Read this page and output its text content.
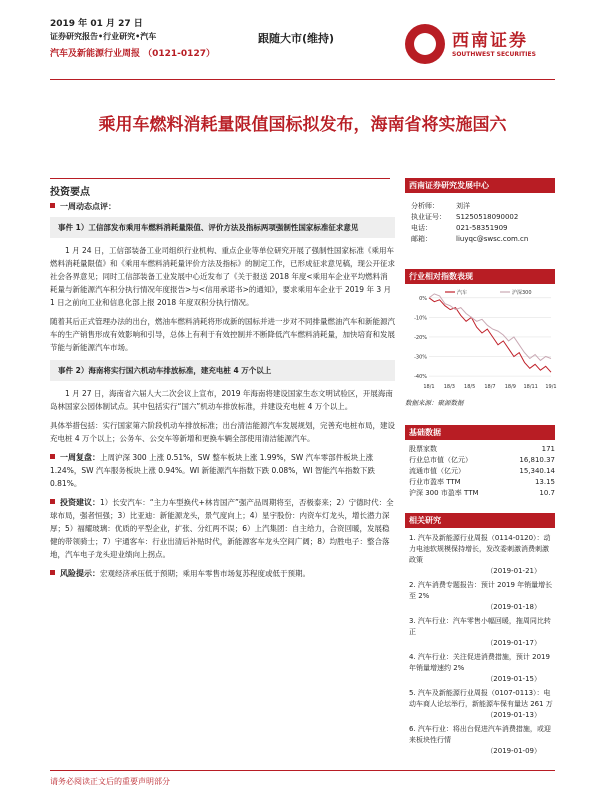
2019 年 01 月 27 日
证券研究报告•行业研究•汽车
汽车及新能源行业周报 （0121-0127）
跟随大市(维持)	西南证券
SOUTHWEST SECURITIES
乘用车燃料消耗量限值国标拟发布，海南省将实施国六
投资要点

一周动态点评：

事件 1）工信部发布乘用车燃料消耗量限值、评价方法及指标两项强制性国家标准征求意见

1 月 24 日，工信部装备工业司组织行业机构、重点企业等单位研究开展了强制性国家标准《乘用车燃料消耗量限值》和《乘用车燃料消耗量评价方法及指标》的制定工作，已形成征求意见稿，现公开征求社会各界意见；同时工信部装备工业发展中心近发布了《关于报送 2018 年度<乘用车企业平均燃料消耗量与新能源汽车积分执行情况年度报告>与<信用承诺书>的通知》，要求乘用车企业于 2019 年 3 月 1 日之前向工业和信息化部上报 2018 年度双积分执行情况。

随着其后正式管理办法的出台，燃油车燃料消耗将形成新的国标并进一步对不同排量燃油汽车和新能源汽车的生产销售形成有效影响和引导，总体上有利于有效控制并不断降低汽车燃料消耗量，加快培育和发展节能与新能源汽车市场。

事件 2）海南将实行国六机动车排放标准，建充电桩 4 万个以上

1 月 27 日，海南省六届人大二次会议上宣布，2019 年海南将建设国家生态文明试验区，开展海南岛林国家公园体制试点。其中包括实行“国六”机动车排放标准，并建设充电桩 4 万个以上。

具体举措包括：实行国家第六阶段机动车排放标准；出台清洁能源汽车发展规划，完善充电桩布局，建设充电桩 4 万个以上；公务车、公交车等新增和更换车辆全部使用清洁能源汽车。

一周复盘：上周沪深 300 上涨 0.51%，SW 整车板块上涨 1.99%，SW 汽车零部件板块上涨 1.24%，SW 汽车服务板块上涨 0.94%。WI 新能源汽车指数下跌 0.08%，WI 智能汽车指数下跌 0.81%。

投资建议：1）长安汽车：“主力车型换代+林肯国产”强产品周期将至，否极泰来；2）宁德时代：全球布局，强者恒强；3）比亚迪：新能源龙头，景气度向上；4）星宇股份：内资车灯龙头，增长潜力深厚；5）福耀玻璃：优质的平型企业，扩张、分红两不误；6）上汽集团：自主给力，合资回暖，发展稳健的带领骑士；7）宇通客车：行业出清后补贴时代，新能源客车龙头空间广阔；8）均胜电子：整合落地，汽车电子龙头迎业绩向上拐点。

风险提示：宏观经济承压低于预期；乘用车零售市场复苏程度或低于预期。

西南证券研究发展中心
分析师：	刘洋
执业证号：	S1250518090002
电话：	021-58351909
邮箱：	liuyqc@swsc.com.cn
行业相对指数表现
0%
-10%
-20%
-30%
-40%
18/1 18/3 18/5 18/7 18/9 18/11 19/1
汽车	沪深300
数据来源：聚源数据
基础数据
股票家数	171
行业总市值（亿元）	16,810.37
流通市值（亿元）	15,340.14
行业市盈率 TTM	13.15
沪深 300 市盈率 TTM	10.7
相关研究
1. 汽车及新能源行业周报（0114-0120）：动力电池软规模保持增长，发改委刺激消费刺激政策
（2019-01-21）
2. 汽车消费专题报告：预计 2019 年销量增长至 2%
（2019-01-18）
3. 汽车行业：汽车零售小幅回暖，拖周同比转正
（2019-01-17）
4. 汽车行业：关注促进消费措施，预计 2019 年销量增速约 2%
（2019-01-15）
5. 汽车及新能源行业周报（0107-0113）：电动车商人论坛举行，新能源车保有量达 261 万
（2019-01-13）
6. 汽车行业：将出台促进汽车消费措施，或迎来板块性行情
（2019-01-09）
请务必阅读正文后的重要声明部分
